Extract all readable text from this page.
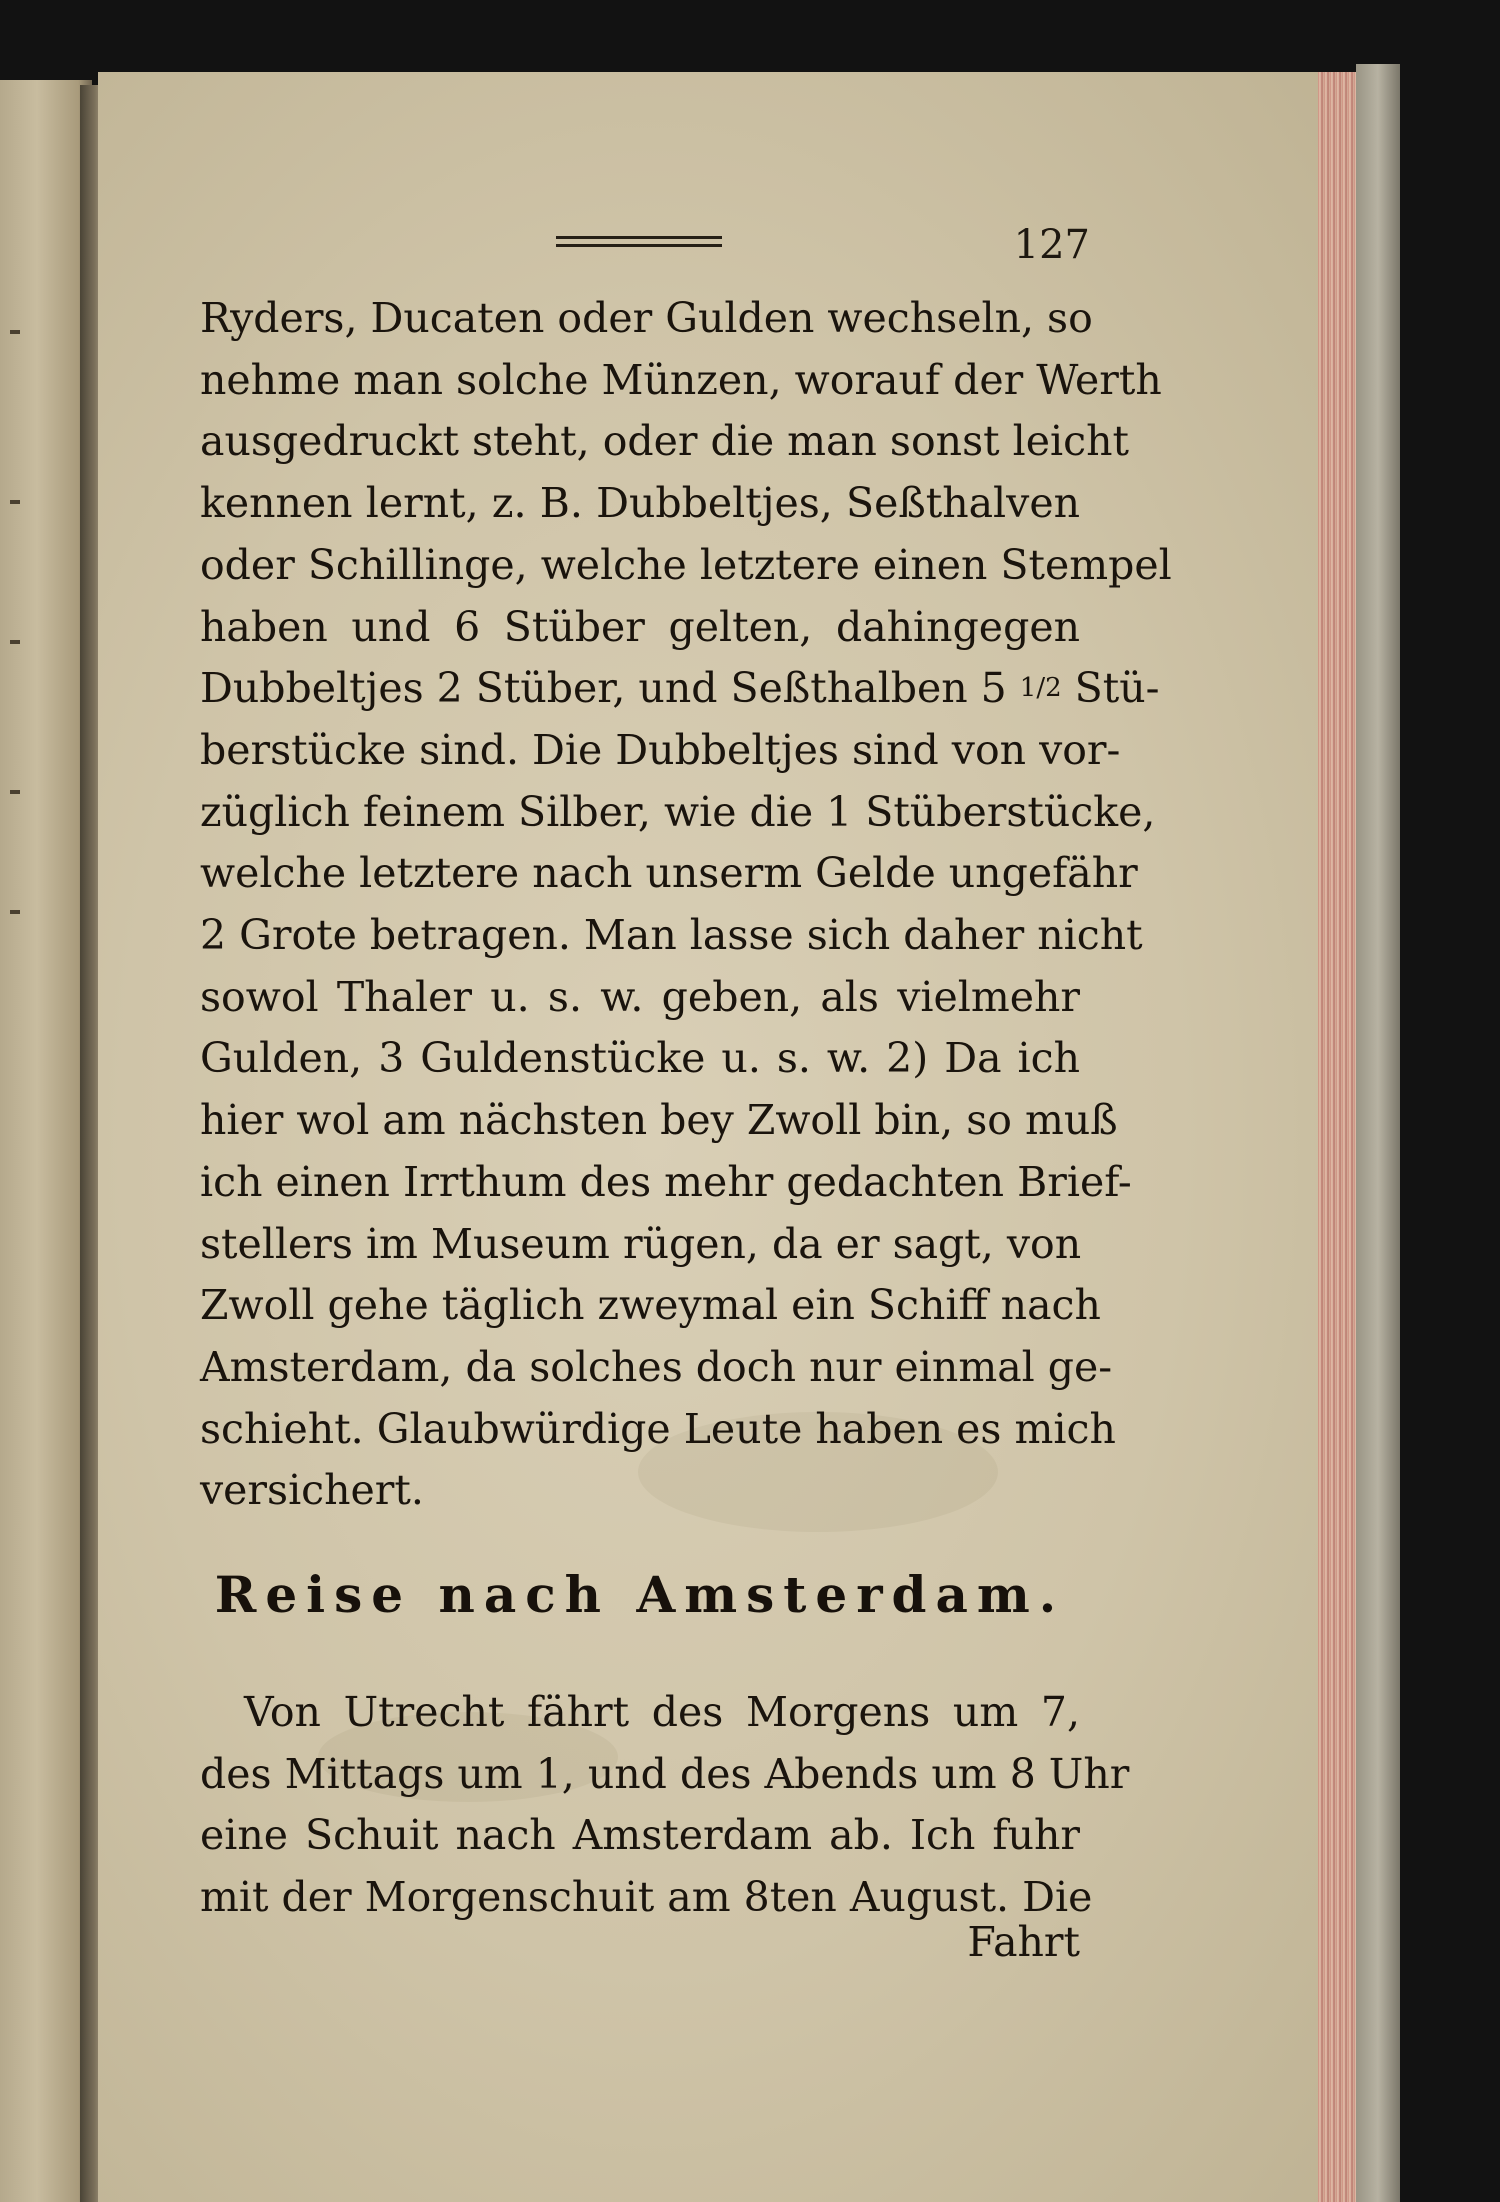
127
Ryders, Ducaten oder Gulden wechseln, so
nehme man solche Münzen, worauf der Werth
ausgedruckt steht, oder die man sonst leicht
kennen lernt, z. B. Dubbeltjes, Seßthalven
oder Schillinge, welche letztere einen Stempel
haben und 6 Stüber gelten, dahingegen
Dubbeltjes 2 Stüber, und Seßthalben 5 1/2 Stü-
berstücke sind. Die Dubbeltjes sind von vor-
züglich feinem Silber, wie die 1 Stüberstücke,
welche letztere nach unserm Gelde ungefähr
2 Grote betragen. Man lasse sich daher nicht
sowol Thaler u. s. w. geben, als vielmehr
Gulden, 3 Guldenstücke u. s. w. 2) Da ich
hier wol am nächsten bey Zwoll bin, so muß
ich einen Irrthum des mehr gedachten Brief-
stellers im Museum rügen, da er sagt, von
Zwoll gehe täglich zweymal ein Schiff nach
Amsterdam, da solches doch nur einmal ge-
schieht. Glaubwürdige Leute haben es mich
versichert.
Reise nach Amsterdam.
Von Utrecht fährt des Morgens um 7,
des Mittags um 1, und des Abends um 8 Uhr
eine Schuit nach Amsterdam ab. Ich fuhr
mit der Morgenschuit am 8ten August. Die
Fahrt
